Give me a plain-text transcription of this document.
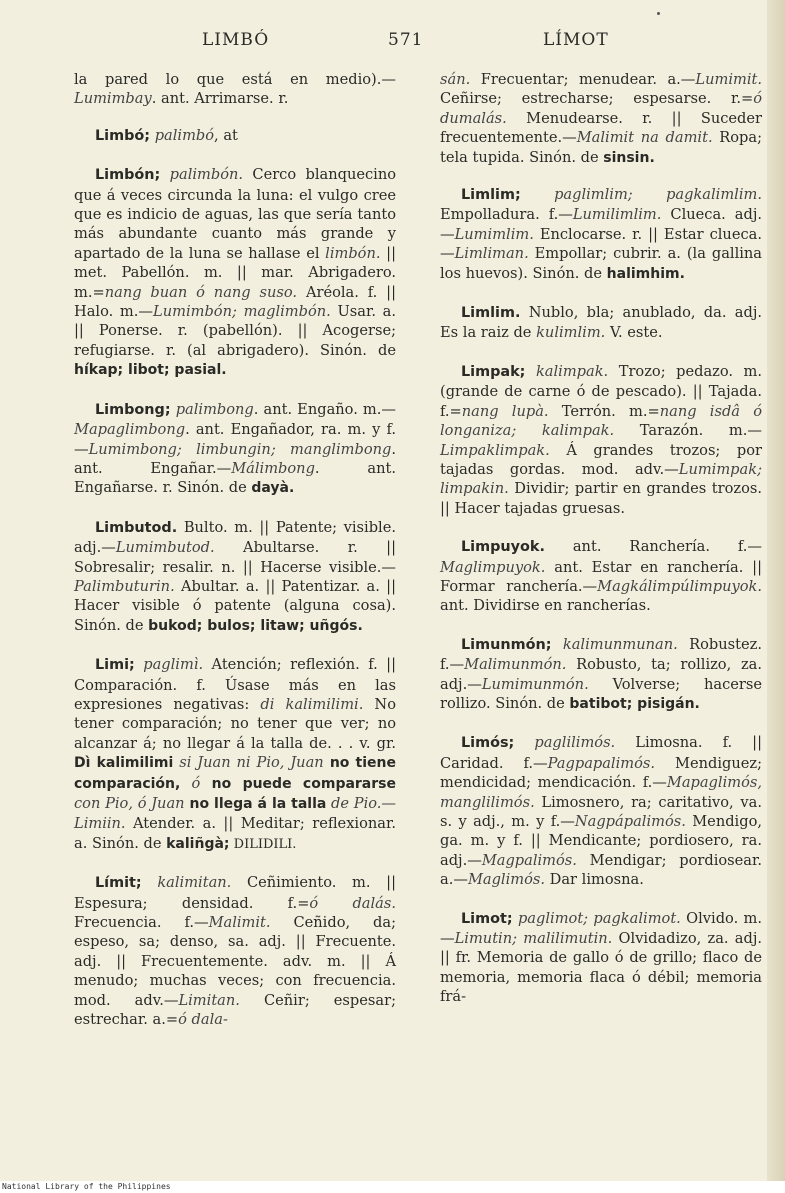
LIMBÓ	571	LÍMOT

la pared lo que está en medio).—Lumimbay. ant. Arrimarse. r.

Limbó; palimbó, at

Limbón; palimbón. Cerco blanquecino que á veces circunda la luna: el vulgo cree que es indicio de aguas, las que sería tanto más abundante cuanto más grande y apartado de la luna se hallase el limbón. || met. Pabellón. m. || mar. Abrigadero. m.=nang buan ó nang suso. Aréola. f. || Halo. m.—Lumimbón; maglimbón. Usar. a. || Ponerse. r. (pabellón). || Acogerse; refugiarse. r. (al abrigadero). Sinón. de híkap; libot; pasial.

Limbong; palimbong. ant. Engaño. m.—Mapaglimbong. ant. Engañador, ra. m. y f.—Lumimbong; limbungin; manglimbong. ant. Engañar.—Málimbong. ant. Engañarse. r. Sinón. de dayà.

Limbutod. Bulto. m. || Patente; visible. adj.—Lumimbutod. Abultarse. r. || Sobresalir; resalir. n. || Hacerse visible.—Palimbuturin. Abultar. a. || Patentizar. a. || Hacer visible ó patente (alguna cosa). Sinón. de bukod; bulos; litaw; uñgós.

Limi; paglimì. Atención; reflexión. f. || Comparación. f. Úsase más en las expresiones negativas: di kalimilimi. No tener comparación; no tener que ver; no alcanzar á; no llegar á la talla de. . . v. gr. Dì kalimilimi si Juan ni Pio, Juan no tiene comparación, ó no puede compararse con Pio, ó Juan no llega á la talla de Pio.—Limiin. Atender. a. || Meditar; reflexionar. a. Sinón. de kaliñgà; DILIDILI.

Límit; kalimitan. Ceñimiento. m. || Espesura; densidad. f.=ó dalás. Frecuencia. f.—Malimit. Ceñido, da; espeso, sa; denso, sa. adj. || Frecuente. adj. || Frecuentemente. adv. m. || Á menudo; muchas veces; con frecuencia. mod. adv.—Limitan. Ceñir; espesar; estrechar. a.=ó dala-

sán. Frecuentar; menudear. a.—Lumimit. Ceñirse; estrecharse; espesarse. r.=ó dumalás. Menudearse. r. || Suceder frecuentemente.—Malimit na damit. Ropa; tela tupida. Sinón. de sinsin.

Limlim; paglimlim; pagkalimlim. Empolladura. f.—Lumilimlim. Clueca. adj.—Lumimlim. Enclocarse. r. || Estar clueca.—Limliman. Empollar; cubrir. a. (la gallina los huevos). Sinón. de halimhim.

Limlim. Nublo, bla; anublado, da. adj. Es la raiz de kulimlim. V. este.

Limpak; kalimpak. Trozo; pedazo. m. (grande de carne ó de pescado). || Tajada. f.=nang lupà. Terrón. m.=nang isdâ ó longaniza; kalimpak. Tarazón. m.—Limpaklimpak. Á grandes trozos; por tajadas gordas. mod. adv.—Lumimpak; limpakin. Dividir; partir en grandes trozos. || Hacer tajadas gruesas.

Limpuyok. ant. Ranchería. f.—Maglimpuyok. ant. Estar en ranchería. || Formar ranchería.—Magkálimpúlimpuyok. ant. Dividirse en rancherías.

Limunmón; kalimunmunan. Robustez. f.—Malimunmón. Robusto, ta; rollizo, za. adj.—Lumimunmón. Volverse; hacerse rollizo. Sinón. de batibot; pisigán.

Limós; paglilimós. Limosna. f. || Caridad. f.—Pagpapalimós. Mendiguez; mendicidad; mendicación. f.—Mapaglimós, manglilimós. Limosnero, ra; caritativo, va. s. y adj., m. y f.—Nagpápalimós. Mendigo, ga. m. y f. || Mendicante; pordiosero, ra. adj.—Magpalimós. Mendigar; pordiosear. a.—Maglimós. Dar limosna.

Limot; paglimot; pagkalimot. Olvido. m.—Limutin; malilimutin. Olvidadizo, za. adj. || fr. Memoria de gallo ó de grillo; flaco de memoria, memoria flaca ó débil; memoria frá-

National Library of the Philippines
